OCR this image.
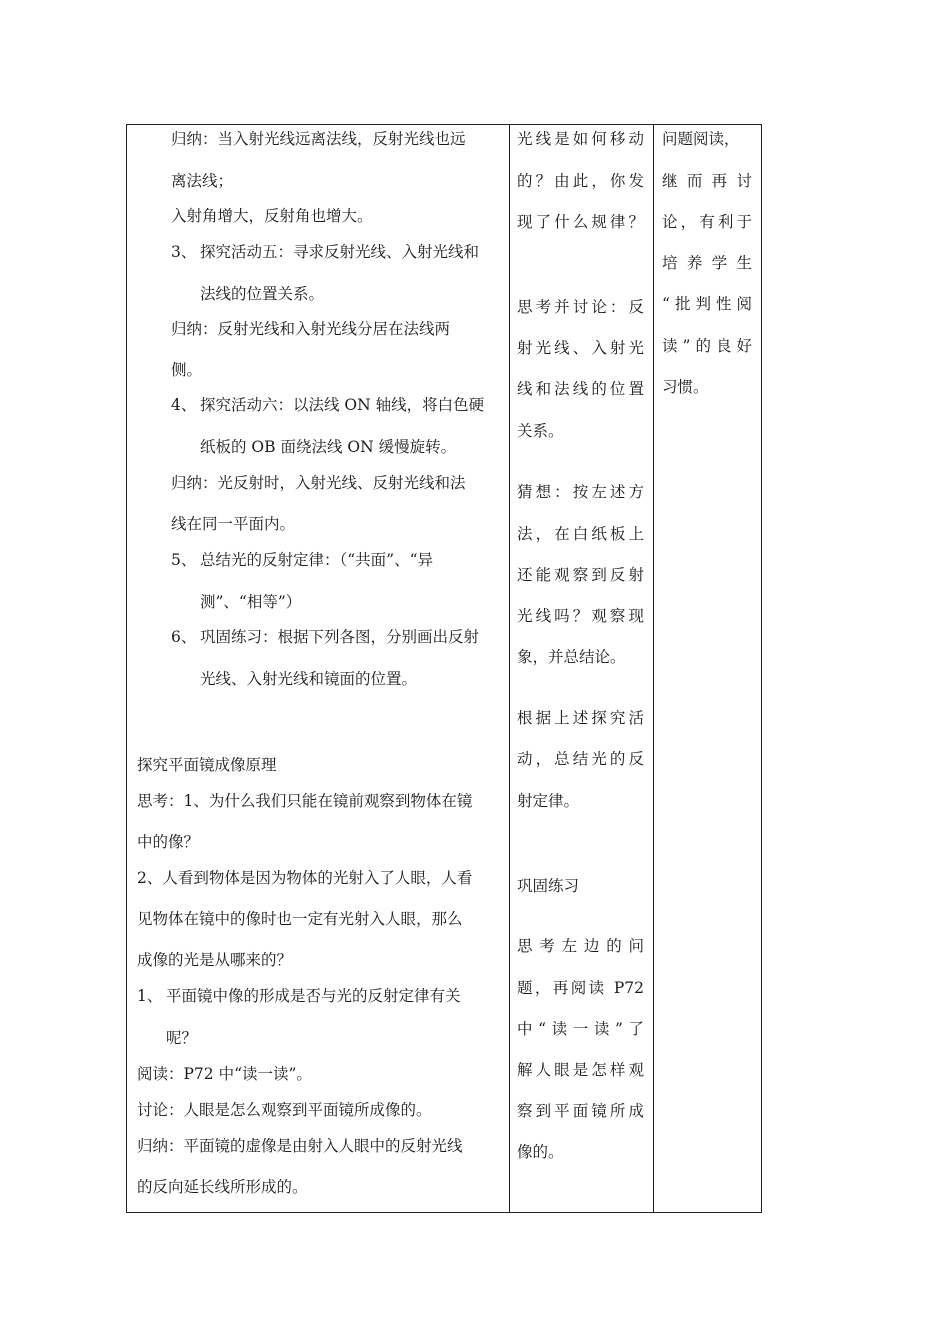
归纳：当入射光线远离法线，反射光线也远
离法线；
入射角增大，反射角也增大。
3、 探究活动五：寻求反射光线、入射光线和
法线的位置关系。
归纳：反射光线和入射光线分居在法线两
侧。
4、 探究活动六：以法线 ON 轴线，将白色硬
纸板的 OB 面绕法线 ON 缓慢旋转。
归纳：光反射时，入射光线、反射光线和法
线在同一平面内。
5、 总结光的反射定律：（“共面”、“异
测”、“相等”）
6、 巩固练习：根据下列各图，分别画出反射
光线、入射光线和镜面的位置。
探究平面镜成像原理
思考：1、为什么我们只能在镜前观察到物体在镜
中的像？
2、人看到物体是因为物体的光射入了人眼，人看
见物体在镜中的像时也一定有光射入人眼，那么
成像的光是从哪来的？
1、 平面镜中像的形成是否与光的反射定律有关
呢？
阅读：P72 中“读一读”。
讨论：人眼是怎么观察到平面镜所成像的。
归纳：平面镜的虚像是由射入人眼中的反射光线
的反向延长线所形成的。
光线是如何移动
的？由此，你发
现了什么规律？
思考并讨论：反
射光线、入射光
线和法线的位置
关系。
猜想：按左述方
法，在白纸板上
还能观察到反射
光线吗？观察现
象，并总结论。
根据上述探究活
动，总结光的反
射定律。
巩固练习
思考左边的问
题，再阅读 P72
中“读一读”了
解人眼是怎样观
察到平面镜所成
像的。
问题阅读，
继而再讨
论，有利于
培养学生
“批判性阅
读”的良好
习惯。
